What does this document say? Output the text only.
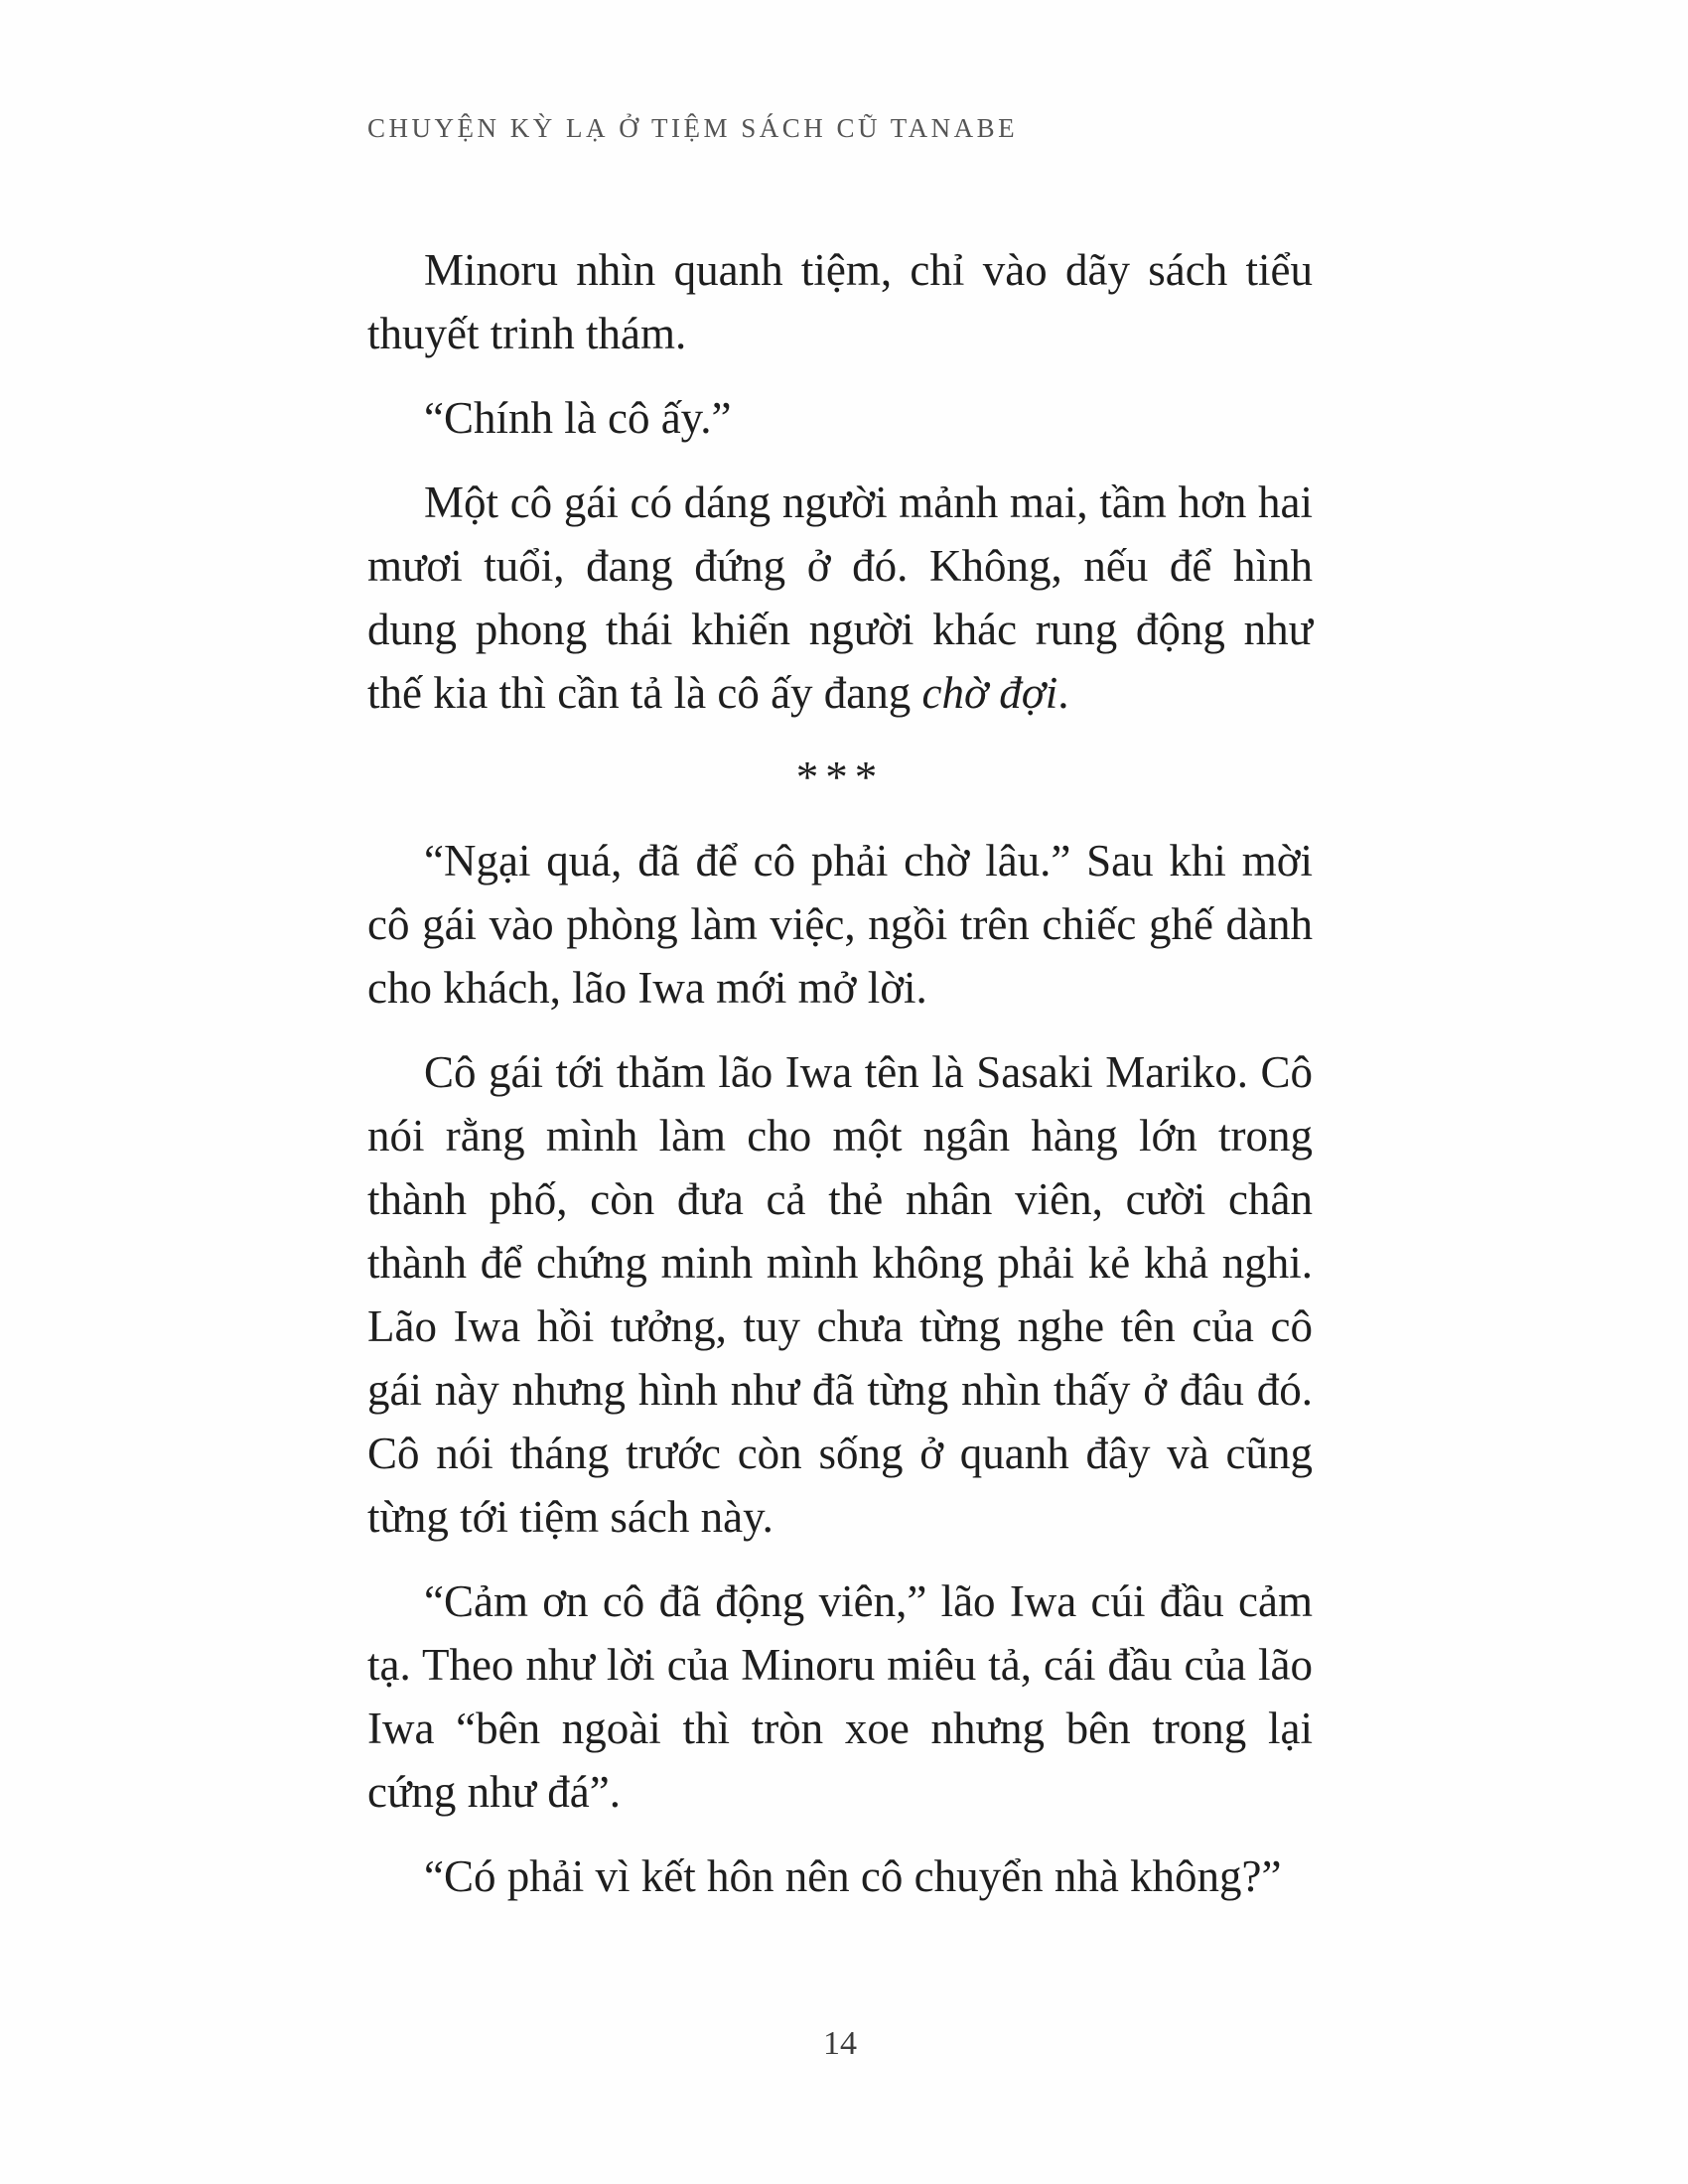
CHUYỆN KỲ LẠ Ở TIỆM SÁCH CŨ TANABE

Minoru nhìn quanh tiệm, chỉ vào dãy sách tiểu thuyết trinh thám.

“Chính là cô ấy.”

Một cô gái có dáng người mảnh mai, tầm hơn hai mươi tuổi, đang đứng ở đó. Không, nếu để hình dung phong thái khiến người khác rung động như thế kia thì cần tả là cô ấy đang chờ đợi.

***

“Ngại quá, đã để cô phải chờ lâu.” Sau khi mời cô gái vào phòng làm việc, ngồi trên chiếc ghế dành cho khách, lão Iwa mới mở lời.

Cô gái tới thăm lão Iwa tên là Sasaki Mariko. Cô nói rằng mình làm cho một ngân hàng lớn trong thành phố, còn đưa cả thẻ nhân viên, cười chân thành để chứng minh mình không phải kẻ khả nghi. Lão Iwa hồi tưởng, tuy chưa từng nghe tên của cô gái này nhưng hình như đã từng nhìn thấy ở đâu đó. Cô nói tháng trước còn sống ở quanh đây và cũng từng tới tiệm sách này.

“Cảm ơn cô đã động viên,” lão Iwa cúi đầu cảm tạ. Theo như lời của Minoru miêu tả, cái đầu của lão Iwa “bên ngoài thì tròn xoe nhưng bên trong lại cứng như đá”.

“Có phải vì kết hôn nên cô chuyển nhà không?”

14
